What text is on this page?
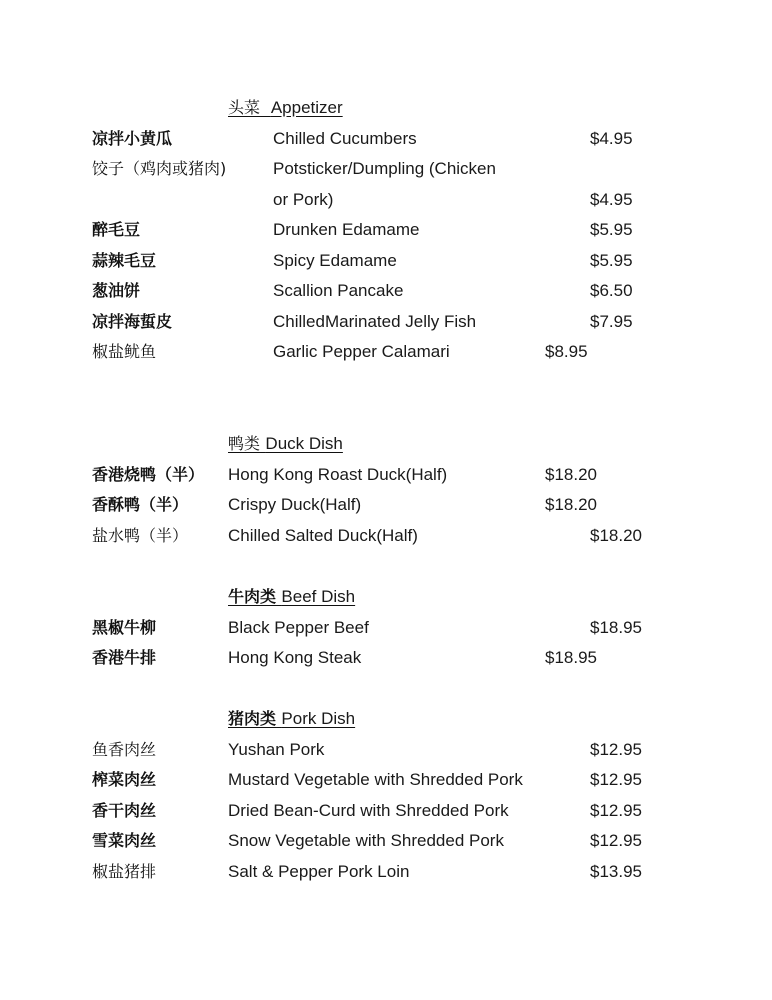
头菜 Appetizer
凉拌小黄瓜	Chilled Cucumbers	$4.95
饺子（鸡肉或猪肉)	Potsticker/Dumpling (Chicken
or Pork)	$4.95
醉毛豆	Drunken Edamame	$5.95
蒜辣毛豆	Spicy Edamame	$5.95
葱油饼	Scallion Pancake	$6.50
凉拌海蜇皮	ChilledMarinated Jelly Fish	$7.95
椒盐鱿鱼	Garlic Pepper Calamari	$8.95
鸭类 Duck Dish
香港烧鸭（半） Hong Kong Roast Duck(Half)	$18.20
香酥鸭（半） Crispy Duck(Half)	$18.20
盐水鸭（半） Chilled Salted Duck(Half)	$18.20
牛肉类 Beef Dish
黑椒牛柳	Black Pepper Beef	$18.95
香港牛排	Hong Kong Steak	$18.95
猪肉类 Pork Dish
鱼香肉丝	Yushan Pork	$12.95
榨菜肉丝	Mustard Vegetable with Shredded Pork	$12.95
香干肉丝	Dried Bean-Curd with Shredded Pork	$12.95
雪菜肉丝	Snow Vegetable with Shredded Pork	$12.95
椒盐猪排	Salt & Pepper Pork Loin	$13.95
